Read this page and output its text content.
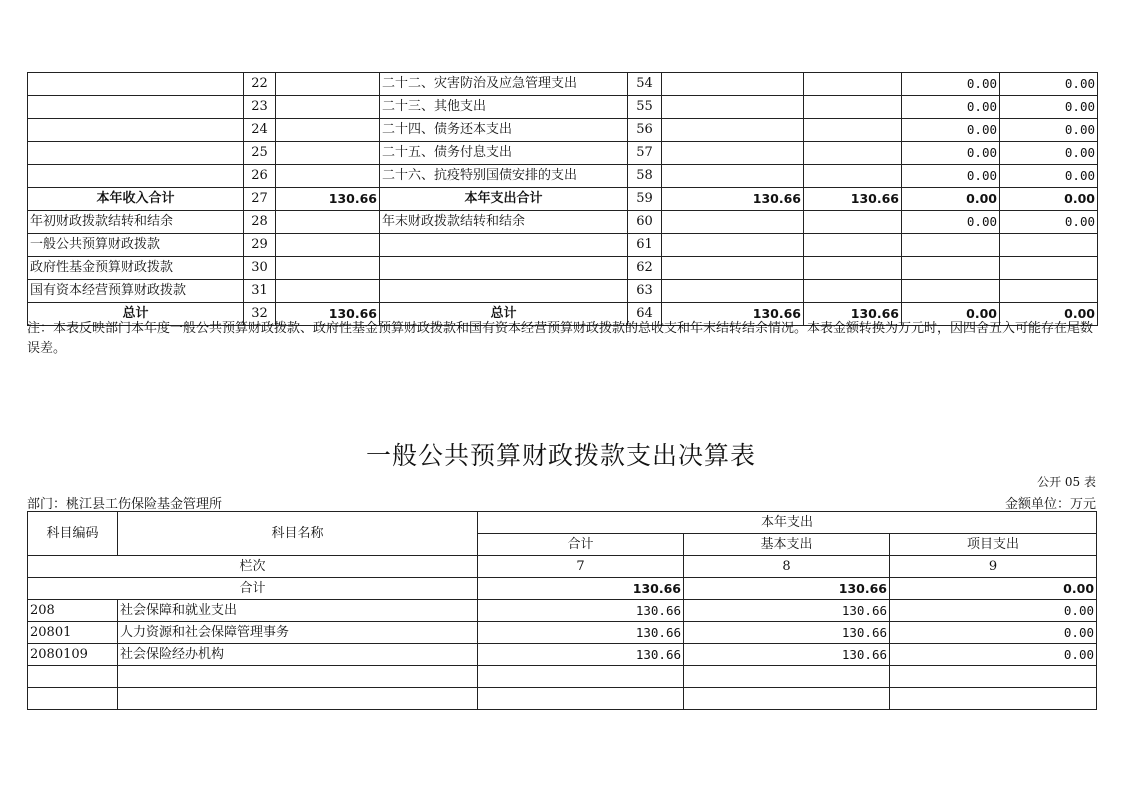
	22		二十二、灾害防治及应急管理支出	54			0.00	0.00
	23		二十三、其他支出	55			0.00	0.00
	24		二十四、债务还本支出	56			0.00	0.00
	25		二十五、债务付息支出	57			0.00	0.00
	26		二十六、抗疫特别国债安排的支出	58			0.00	0.00
本年收入合计	27	130.66	本年支出合计	59	130.66	130.66	0.00	0.00
年初财政拨款结转和结余	28		年末财政拨款结转和结余	60			0.00	0.00
一般公共预算财政拨款	29			61				
政府性基金预算财政拨款	30			62				
国有资本经营预算财政拨款	31			63				
总计	32	130.66	总计	64	130.66	130.66	0.00	0.00
注：本表反映部门本年度一般公共预算财政拨款、政府性基金预算财政拨款和国有资本经营预算财政拨款的总收支和年末结转结余情况。本表金额转换为万元时，因四舍五入可能存在尾数误差。
一般公共预算财政拨款支出决算表
公开 05 表
部门：桃江县工伤保险基金管理所	金额单位：万元
科目编码	科目名称	本年支出		
		合计	基本支出	项目支出
栏次		7	8	9
合计		130.66	130.66	0.00
208	社会保障和就业支出	130.66	130.66	0.00
20801	人力资源和社会保障管理事务	130.66	130.66	0.00
2080109	社会保险经办机构	130.66	130.66	0.00
